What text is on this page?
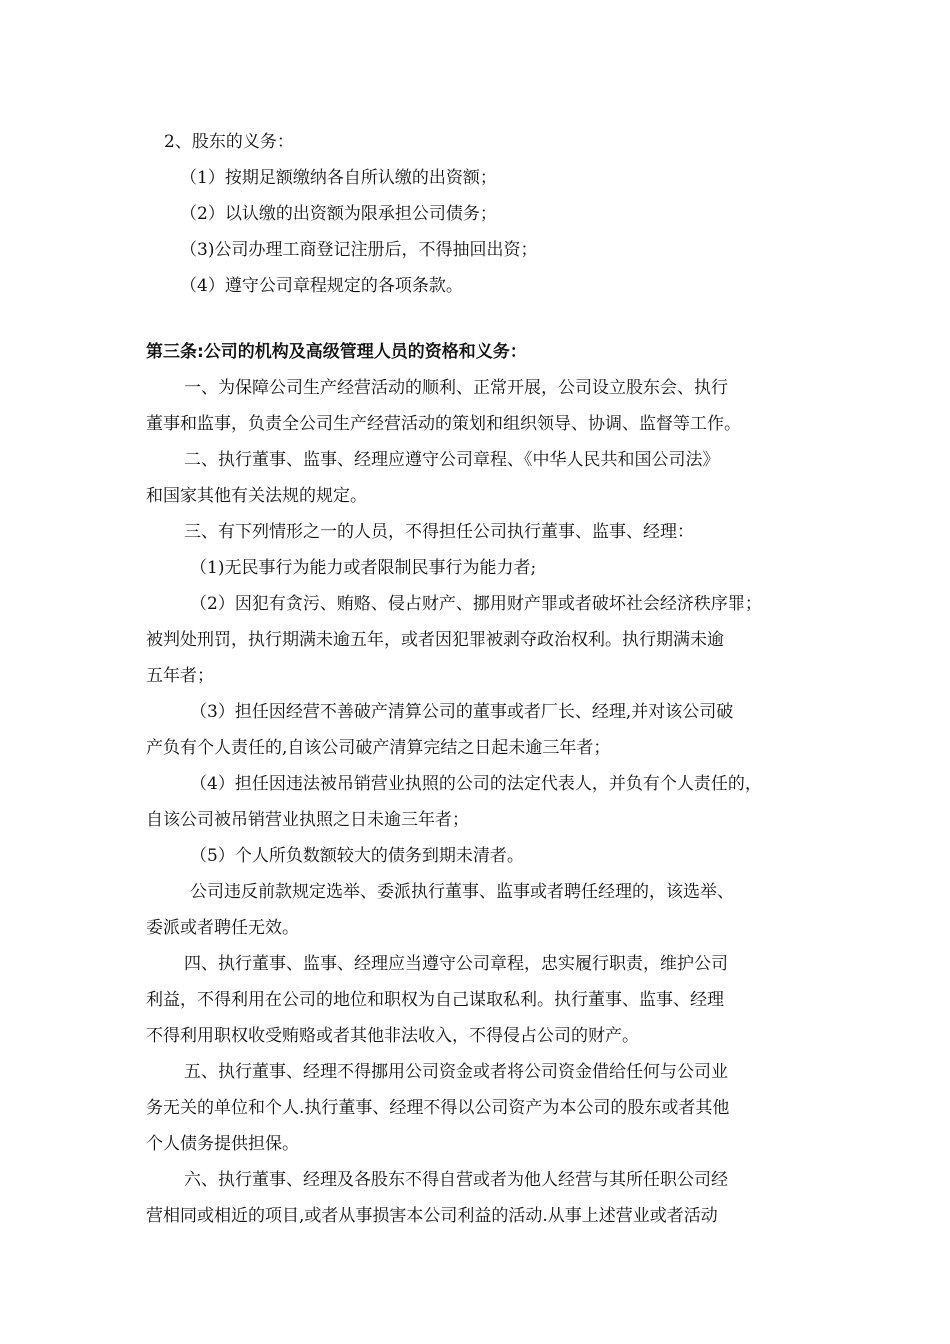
2、股东的义务：
（1）按期足额缴纳各自所认缴的出资额；
（2）以认缴的出资额为限承担公司债务；
（3)公司办理工商登记注册后，不得抽回出资；
（4）遵守公司章程规定的各项条款。
第三条:公司的机构及高级管理人员的资格和义务：
一、为保障公司生产经营活动的顺利、正常开展，公司设立股东会、执行
董事和监事，负责全公司生产经营活动的策划和组织领导、协调、监督等工作。
二、执行董事、监事、经理应遵守公司章程、《中华人民共和国公司法》
和国家其他有关法规的规定。
三、有下列情形之一的人员，不得担任公司执行董事、监事、经理：
（1)无民事行为能力或者限制民事行为能力者;
（2）因犯有贪污、贿赂、侵占财产、挪用财产罪或者破坏社会经济秩序罪；
被判处刑罚，执行期满未逾五年，或者因犯罪被剥夺政治权利。执行期满未逾
五年者；
（3）担任因经营不善破产清算公司的董事或者厂长、经理,并对该公司破
产负有个人责任的,自该公司破产清算完结之日起未逾三年者；
（4）担任因违法被吊销营业执照的公司的法定代表人，并负有个人责任的，
自该公司被吊销营业执照之日未逾三年者；
（5）个人所负数额较大的债务到期未清者。
公司违反前款规定选举、委派执行董事、监事或者聘任经理的，该选举、
委派或者聘任无效。
四、执行董事、监事、经理应当遵守公司章程，忠实履行职责，维护公司
利益，不得利用在公司的地位和职权为自己谋取私利。执行董事、监事、经理
不得利用职权收受贿赂或者其他非法收入，不得侵占公司的财产。
五、执行董事、经理不得挪用公司资金或者将公司资金借给任何与公司业
务无关的单位和个人.执行董事、经理不得以公司资产为本公司的股东或者其他
个人债务提供担保。
六、执行董事、经理及各股东不得自营或者为他人经营与其所任职公司经
营相同或相近的项目,或者从事损害本公司利益的活动.从事上述营业或者活动
